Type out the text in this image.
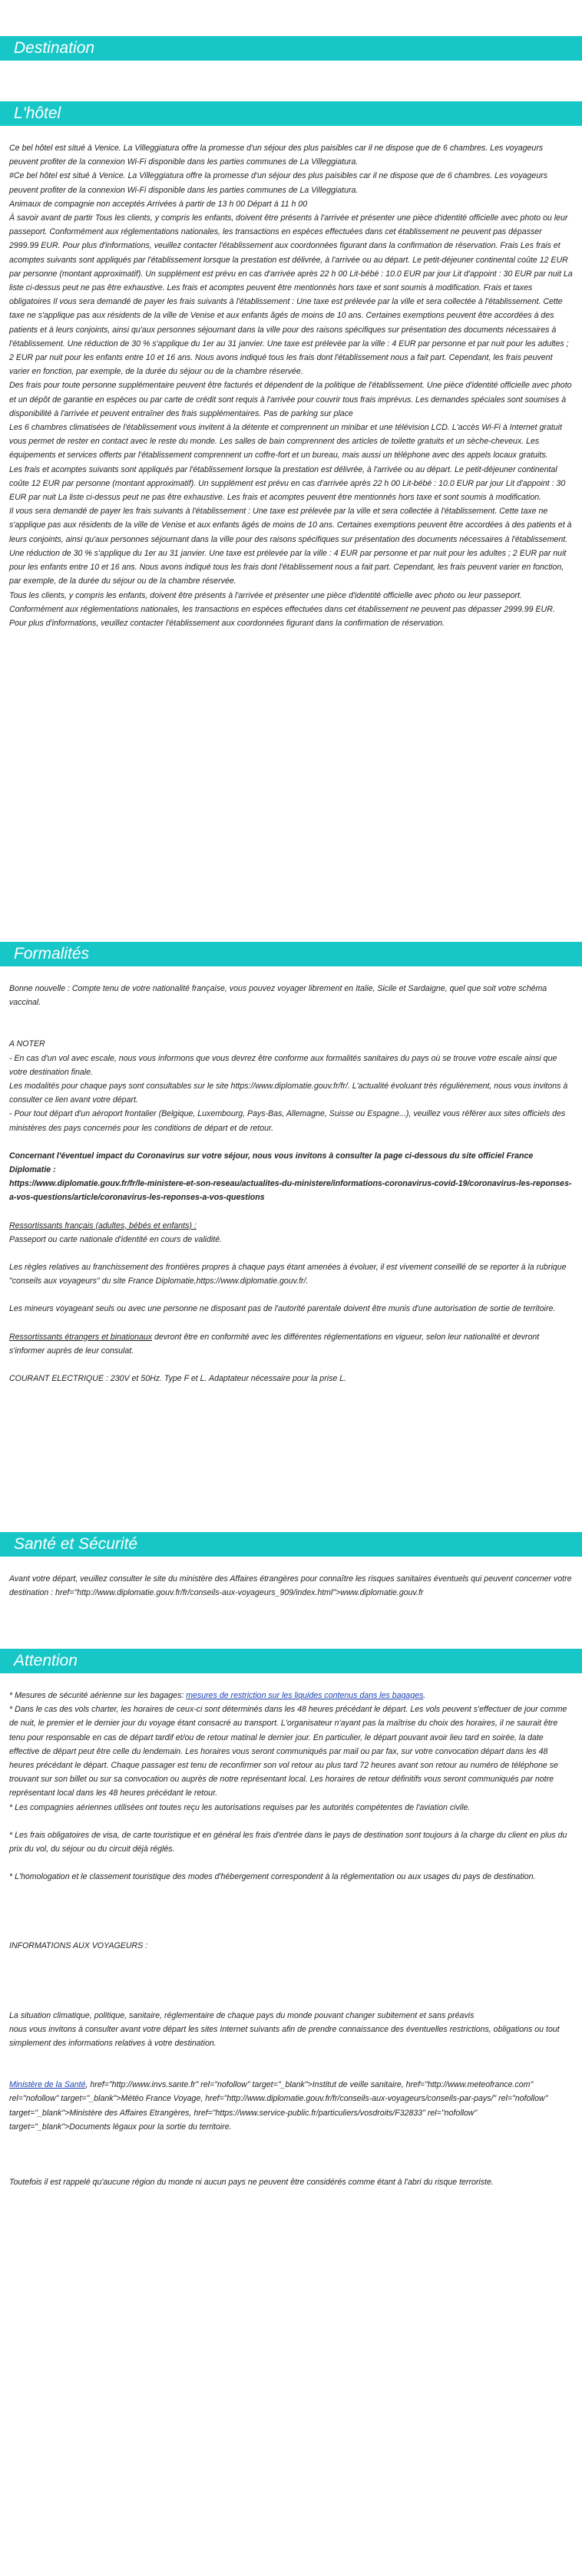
Destination
L'hôtel

Ce bel hôtel est situé à Venice. La Villeggiatura offre la promesse d'un séjour des plus paisibles car il ne dispose que de 6 chambres. Les voyageurs peuvent profiter de la connexion Wi-Fi disponible dans les parties communes de La Villeggiatura.

#Ce bel hôtel est situé à Venice. La Villeggiatura offre la promesse d'un séjour des plus paisibles car il ne dispose que de 6 chambres. Les voyageurs peuvent profiter de la connexion Wi-Fi disponible dans les parties communes de La Villeggiatura.

Animaux de compagnie non acceptés Arrivées à partir de 13 h 00 Départ à 11 h 00

À savoir avant de partir Tous les clients, y compris les enfants, doivent être présents à l'arrivée et présenter une pièce d'identité officielle avec photo ou leur passeport. Conformément aux réglementations nationales, les transactions en espèces effectuées dans cet établissement ne peuvent pas dépasser 2999.99 EUR. Pour plus d'informations, veuillez contacter l'établissement aux coordonnées figurant dans la confirmation de réservation. Frais Les frais et acomptes suivants sont appliqués par l'établissement lorsque la prestation est délivrée, à l'arrivée ou au départ. Le petit-déjeuner continental coûte 12 EUR par personne (montant approximatif). Un supplément est prévu en cas d'arrivée après 22 h 00 Lit-bébé : 10.0 EUR par jour Lit d'appoint : 30 EUR par nuit La liste ci-dessus peut ne pas être exhaustive. Les frais et acomptes peuvent être mentionnés hors taxe et sont soumis à modification. Frais et taxes obligatoires Il vous sera demandé de payer les frais suivants à l'établissement : Une taxe est prélevée par la ville et sera collectée à l'établissement. Cette taxe ne s'applique pas aux résidents de la ville de Venise et aux enfants âgés de moins de 10 ans. Certaines exemptions peuvent être accordées à des patients et à leurs conjoints, ainsi qu'aux personnes séjournant dans la ville pour des raisons spécifiques sur présentation des documents nécessaires à l'établissement. Une réduction de 30 % s'applique du 1er au 31 janvier. Une taxe est prélevée par la ville : 4 EUR par personne et par nuit pour les adultes ; 2 EUR par nuit pour les enfants entre 10 et 16 ans. Nous avons indiqué tous les frais dont l'établissement nous a fait part. Cependant, les frais peuvent varier en fonction, par exemple, de la durée du séjour ou de la chambre réservée.

Des frais pour toute personne supplémentaire peuvent être facturés et dépendent de la politique de l'établissement. Une pièce d'identité officielle avec photo et un dépôt de garantie en espèces ou par carte de crédit sont requis à l'arrivée pour couvrir tous frais imprévus. Les demandes spéciales sont soumises à disponibilité à l'arrivée et peuvent entraîner des frais supplémentaires. Pas de parking sur place

Les 6 chambres climatisées de l'établissement vous invitent à la détente et comprennent un minibar et une télévision LCD. L'accès Wi-Fi à Internet gratuit vous permet de rester en contact avec le reste du monde. Les salles de bain comprennent des articles de toilette gratuits et un sèche-cheveux. Les équipements et services offerts par l'établissement comprennent un coffre-fort et un bureau, mais aussi un téléphone avec des appels locaux gratuits.

Les frais et acomptes suivants sont appliqués par l'établissement lorsque la prestation est délivrée, à l'arrivée ou au départ. Le petit-déjeuner continental coûte 12 EUR par personne (montant approximatif). Un supplément est prévu en cas d'arrivée après 22 h 00 Lit-bébé : 10.0 EUR par jour Lit d'appoint : 30 EUR par nuit La liste ci-dessus peut ne pas être exhaustive. Les frais et acomptes peuvent être mentionnés hors taxe et sont soumis à modification.

Il vous sera demandé de payer les frais suivants à l'établissement : Une taxe est prélevée par la ville et sera collectée à l'établissement. Cette taxe ne s'applique pas aux résidents de la ville de Venise et aux enfants âgés de moins de 10 ans. Certaines exemptions peuvent être accordées à des patients et à leurs conjoints, ainsi qu'aux personnes séjournant dans la ville pour des raisons spécifiques sur présentation des documents nécessaires à l'établissement. Une réduction de 30 % s'applique du 1er au 31 janvier. Une taxe est prélevée par la ville : 4 EUR par personne et par nuit pour les adultes ; 2 EUR par nuit pour les enfants entre 10 et 16 ans. Nous avons indiqué tous les frais dont l'établissement nous a fait part. Cependant, les frais peuvent varier en fonction, par exemple, de la durée du séjour ou de la chambre réservée.

Tous les clients, y compris les enfants, doivent être présents à l'arrivée et présenter une pièce d'identité officielle avec photo ou leur passeport. Conformément aux réglementations nationales, les transactions en espèces effectuées dans cet établissement ne peuvent pas dépasser 2999.99 EUR. Pour plus d'informations, veuillez contacter l'établissement aux coordonnées figurant dans la confirmation de réservation.

Formalités

Bonne nouvelle : Compte tenu de votre nationalité française, vous pouvez voyager librement en Italie, Sicile et Sardaigne, quel que soit votre schéma vaccinal.

A NOTER

- En cas d'un vol avec escale, nous vous informons que vous devrez être conforme aux formalités sanitaires du pays où se trouve votre escale ainsi que votre destination finale.

Les modalités pour chaque pays sont consultables sur le site https://www.diplomatie.gouv.fr/fr/. L'actualité évoluant très régulièrement, nous vous invitons à consulter ce lien avant votre départ.

- Pour tout départ d'un aéroport frontalier (Belgique, Luxembourg, Pays-Bas, Allemagne, Suisse ou Espagne...), veuillez vous référer aux sites officiels des ministères des pays concernés pour les conditions de départ et de retour.

Concernant l'éventuel impact du Coronavirus sur votre séjour, nous vous invitons à consulter la page ci-dessous du site officiel France Diplomatie :

https://www.diplomatie.gouv.fr/fr/le-ministere-et-son-reseau/actualites-du-ministere/informations-coronavirus-covid-19/coronavirus-les-reponses-a-vos-questions/article/coronavirus-les-reponses-a-vos-questions

Ressortissants français (adultes, bébés et enfants) :

Passeport ou carte nationale d'identité en cours de validité.

Les règles relatives au franchissement des frontières propres à chaque pays étant amenées à évoluer, il est vivement conseillé de se reporter à la rubrique "conseils aux voyageurs" du site France Diplomatie,https://www.diplomatie.gouv.fr/.

Les mineurs voyageant seuls ou avec une personne ne disposant pas de l'autorité parentale doivent être munis d'une autorisation de sortie de territoire.

Ressortissants étrangers et binationaux devront être en conformité avec les différentes réglementations en vigueur, selon leur nationalité et devront s'informer auprès de leur consulat.

COURANT ELECTRIQUE : 230V et 50Hz. Type F et L. Adaptateur nécessaire pour la prise L.

Santé et Sécurité

Avant votre départ, veuillez consulter le site du ministère des Affaires étrangères pour connaître les risques sanitaires éventuels qui peuvent concerner votre destination : href="http://www.diplomatie.gouv.fr/fr/conseils-aux-voyageurs_909/index.html">www.diplomatie.gouv.fr

Attention

* Mesures de sécurité aérienne sur les bagages: mesures de restriction sur les liquides contenus dans les bagages.

* Dans le cas des vols charter, les horaires de ceux-ci sont déterminés dans les 48 heures précédant le départ. Les vols peuvent s'effectuer de jour comme de nuit, le premier et le dernier jour du voyage étant consacré au transport. L'organisateur n'ayant pas la maîtrise du choix des horaires, il ne saurait être tenu pour responsable en cas de départ tardif et/ou de retour matinal le dernier jour. En particulier, le départ pouvant avoir lieu tard en soirée, la date effective de départ peut être celle du lendemain. Les horaires vous seront communiqués par mail ou par fax, sur votre convocation départ dans les 48 heures précédant le départ. Chaque passager est tenu de reconfirmer son vol retour au plus tard 72 heures avant son retour au numéro de téléphone se trouvant sur son billet ou sur sa convocation ou auprès de notre représentant local. Les horaires de retour définitifs vous seront communiqués par notre représentant local dans les 48 heures précédant le retour.

* Les compagnies aériennes utilisées ont toutes reçu les autorisations requises par les autorités compétentes de l'aviation civile.

* Les frais obligatoires de visa, de carte touristique et en général les frais d'entrée dans le pays de destination sont toujours à la charge du client en plus du prix du vol, du séjour ou du circuit déjà réglés.

* L'homologation et le classement touristique des modes d'hébergement correspondent à la réglementation ou aux usages du pays de destination.

INFORMATIONS AUX VOYAGEURS :

La situation climatique, politique, sanitaire, réglementaire de chaque pays du monde pouvant changer subitement et sans préavis

nous vous invitons à consulter avant votre départ les sites Internet suivants afin de prendre connaissance des éventuelles restrictions, obligations ou tout simplement des informations relatives à votre destination.

Ministère de la Santé, href="http://www.invs.sante.fr" rel="nofollow" target="_blank">Institut de veille sanitaire, href="http://www.meteofrance.com" rel="nofollow" target="_blank">Météo France Voyage, href="http://www.diplomatie.gouv.fr/fr/conseils-aux-voyageurs/conseils-par-pays/" rel="nofollow" target="_blank">Ministère des Affaires Etrangères, href="https://www.service-public.fr/particuliers/vosdroits/F32833" rel="nofollow" target="_blank">Documents légaux pour la sortie du territoire.

Toutefois il est rappelé qu'aucune région du monde ni aucun pays ne peuvent être considérés comme étant à l'abri du risque terroriste.
